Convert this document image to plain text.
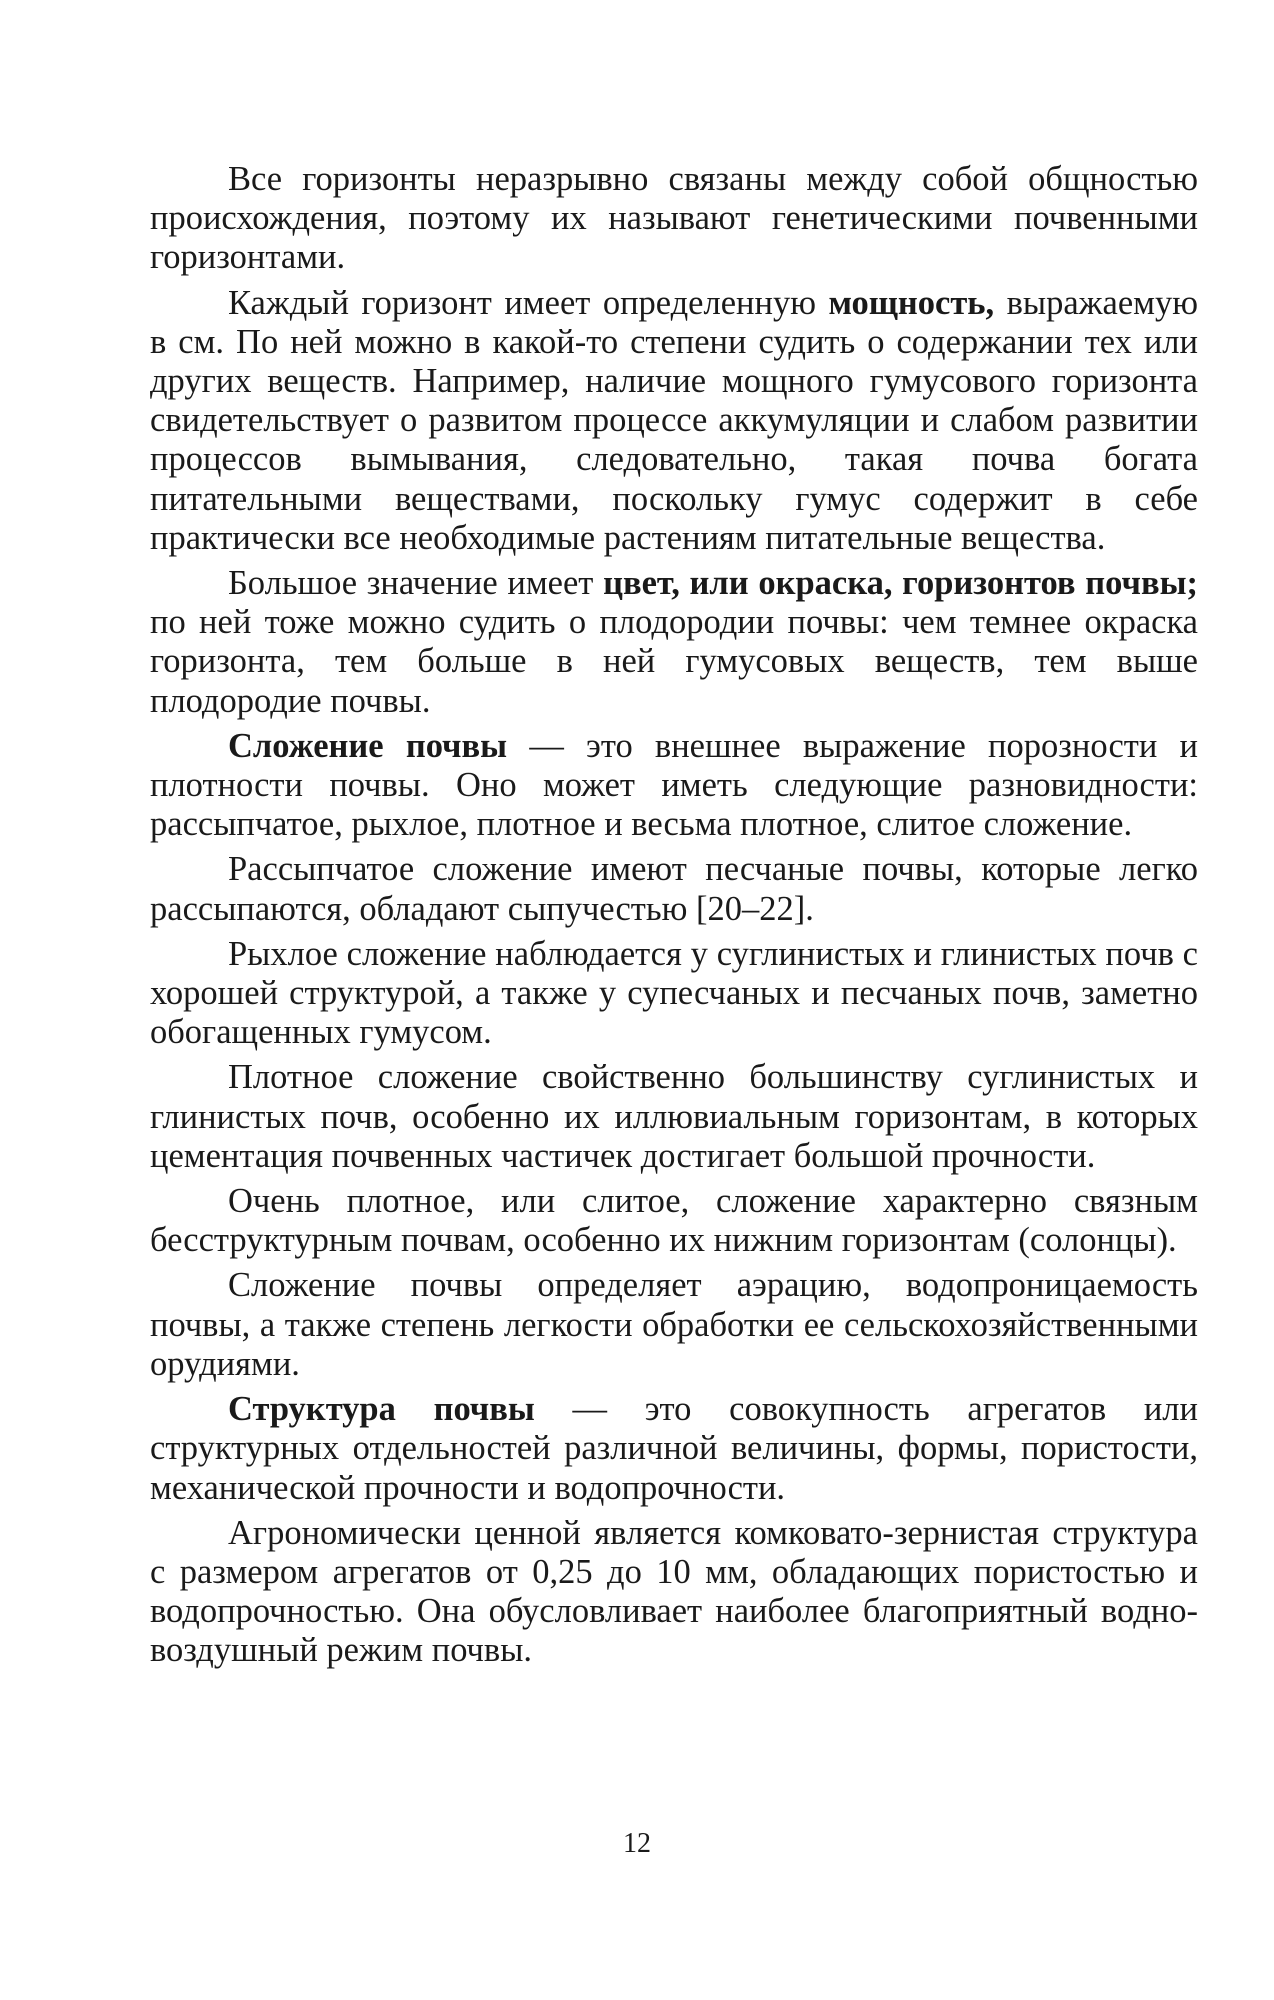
Все горизонты неразрывно связаны между собой общностью происхождения, поэтому их называют генетическими почвенными горизонтами.

Каждый горизонт имеет определенную мощность, выражаемую в см. По ней можно в какой-то степени судить о содержании тех или других веществ. Например, наличие мощного гумусового горизонта свидетельствует о развитом процессе аккумуляции и слабом развитии процессов вымывания, следовательно, такая почва богата питательными веществами, поскольку гумус содержит в себе практически все необходимые растениям питательные вещества.

Большое значение имеет цвет, или окраска, горизонтов почвы; по ней тоже можно судить о плодородии почвы: чем темнее окраска горизонта, тем больше в ней гумусовых веществ, тем выше плодородие почвы.

Сложение почвы — это внешнее выражение порозности и плотности почвы. Оно может иметь следующие разновидности: рассыпчатое, рыхлое, плотное и весьма плотное, слитое сложение.

Рассыпчатое сложение имеют песчаные почвы, которые легко рассыпаются, обладают сыпучестью [20–22].

Рыхлое сложение наблюдается у суглинистых и глинистых почв с хорошей структурой, а также у супесчаных и песчаных почв, заметно обогащенных гумусом.

Плотное сложение свойственно большинству суглинистых и глинистых почв, особенно их иллювиальным горизонтам, в которых цементация почвенных частичек достигает большой прочности.

Очень плотное, или слитое, сложение характерно связным бесструктурным почвам, особенно их нижним горизонтам (солонцы).

Сложение почвы определяет аэрацию, водопроницаемость почвы, а также степень легкости обработки ее сельскохозяйственными орудиями.

Структура почвы — это совокупность агрегатов или структурных отдельностей различной величины, формы, пористости, механической прочности и водопрочности.

Агрономически ценной является комковато-зернистая структура с размером агрегатов от 0,25 до 10 мм, обладающих пористостью и водопрочностью. Она обусловливает наиболее благоприятный водно-воздушный режим почвы.

12
